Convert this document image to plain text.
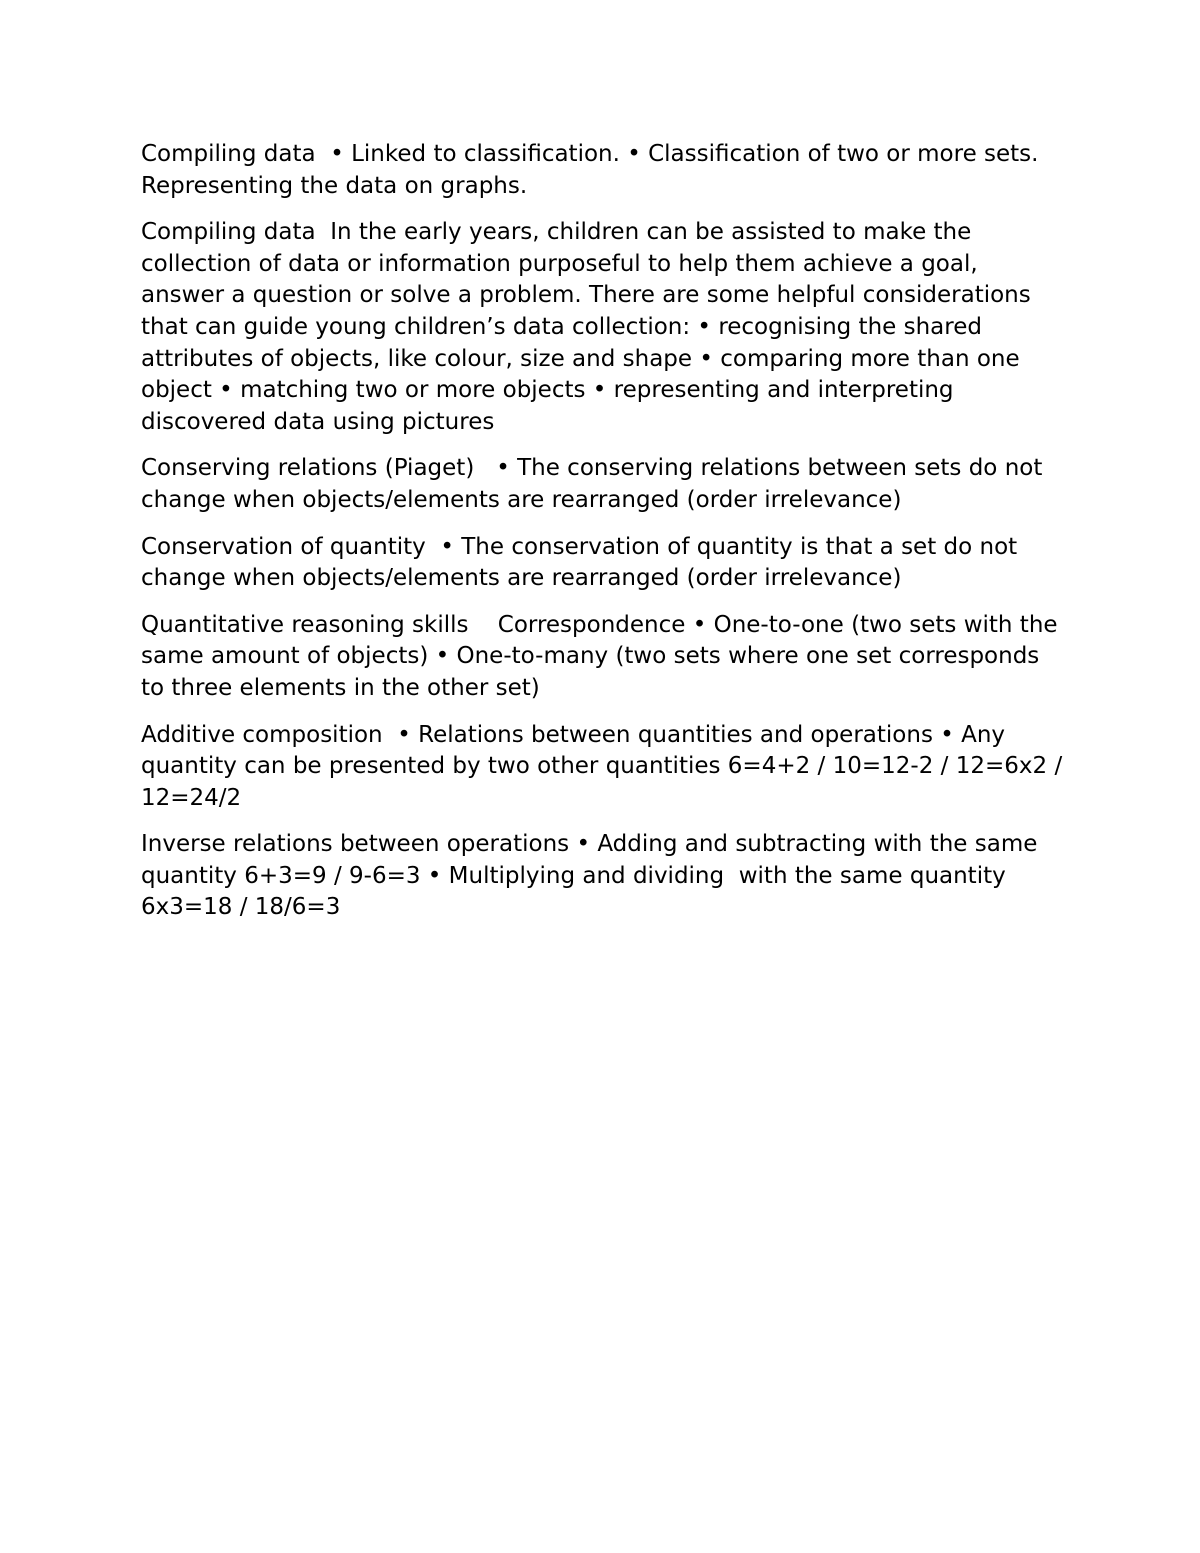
Compiling data  • Linked to classification. • Classification of two or more sets. Representing the data on graphs.

Compiling data  In the early years, children can be assisted to make the collection of data or information purposeful to help them achieve a goal, answer a question or solve a problem. There are some helpful considerations that can guide young children’s data collection: • recognising the shared attributes of objects, like colour, size and shape • comparing more than one object • matching two or more objects • representing and interpreting discovered data using pictures

Conserving relations (Piaget)   • The conserving relations between sets do not change when objects/elements are rearranged (order irrelevance)

Conservation of quantity  • The conservation of quantity is that a set do not change when objects/elements are rearranged (order irrelevance)

Quantitative reasoning skills    Correspondence • One-to-one (two sets with the same amount of objects) • One-to-many (two sets where one set corresponds to three elements in the other set)

Additive composition  • Relations between quantities and operations • Any quantity can be presented by two other quantities 6=4+2 / 10=12-2 / 12=6x2 / 12=24/2

Inverse relations between operations • Adding and subtracting with the same quantity 6+3=9 / 9-6=3 • Multiplying and dividing  with the same quantity 6x3=18 / 18/6=3
